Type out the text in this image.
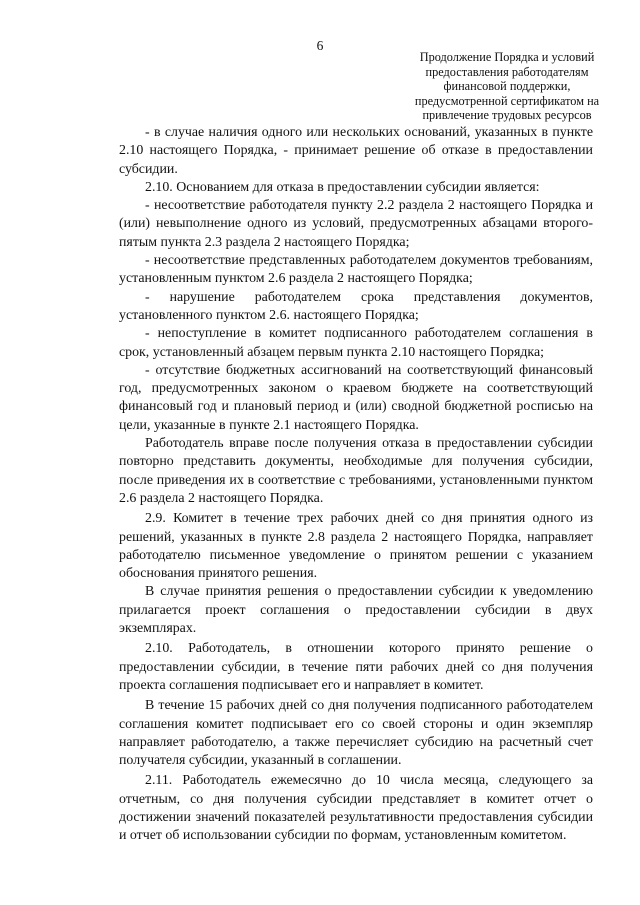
6
Продолжение Порядка и условий
предоставления работодателям
финансовой поддержки,
предусмотренной сертификатом на
привлечение трудовых ресурсов

- в случае наличия одного или нескольких оснований, указанных в пункте 2.10 настоящего Порядка, - принимает решение об отказе в предоставлении субсидии.

2.10. Основанием для отказа в предоставлении субсидии является:

- несоответствие работодателя пункту 2.2 раздела 2 настоящего Порядка и (или) невыполнение одного из условий, предусмотренных абзацами второго-пятым пункта 2.3 раздела 2 настоящего Порядка;

- несоответствие представленных работодателем документов требованиям, установленным пунктом 2.6 раздела 2 настоящего Порядка;

- нарушение работодателем срока представления документов, установленного пунктом 2.6. настоящего Порядка;

- непоступление в комитет подписанного работодателем соглашения в срок, установленный абзацем первым пункта 2.10 настоящего Порядка;

- отсутствие бюджетных ассигнований на соответствующий финансовый год, предусмотренных законом о краевом бюджете на соответствующий финансовый год и плановый период и (или) сводной бюджетной росписью на цели, указанные в пункте 2.1 настоящего Порядка.

Работодатель вправе после получения отказа в предоставлении субсидии повторно представить документы, необходимые для получения субсидии, после приведения их в соответствие с требованиями, установленными пунктом 2.6 раздела 2 настоящего Порядка.

2.9. Комитет в течение трех рабочих дней со дня принятия одного из решений, указанных в пункте 2.8 раздела 2 настоящего Порядка, направляет работодателю письменное уведомление о принятом решении с указанием обоснования принятого решения.

В случае принятия решения о предоставлении субсидии к уведомлению прилагается проект соглашения о предоставлении субсидии в двух экземплярах.

2.10. Работодатель, в отношении которого принято решение о предоставлении субсидии, в течение пяти рабочих дней со дня получения проекта соглашения подписывает его и направляет в комитет.

В течение 15 рабочих дней со дня получения подписанного работодателем соглашения комитет подписывает его со своей стороны и один экземпляр направляет работодателю, а также перечисляет субсидию на расчетный счет получателя субсидии, указанный в соглашении.

2.11. Работодатель ежемесячно до 10 числа месяца, следующего за отчетным, со дня получения субсидии представляет в комитет отчет о достижении значений показателей результативности предоставления субсидии и отчет об использовании субсидии по формам, установленным комитетом.
